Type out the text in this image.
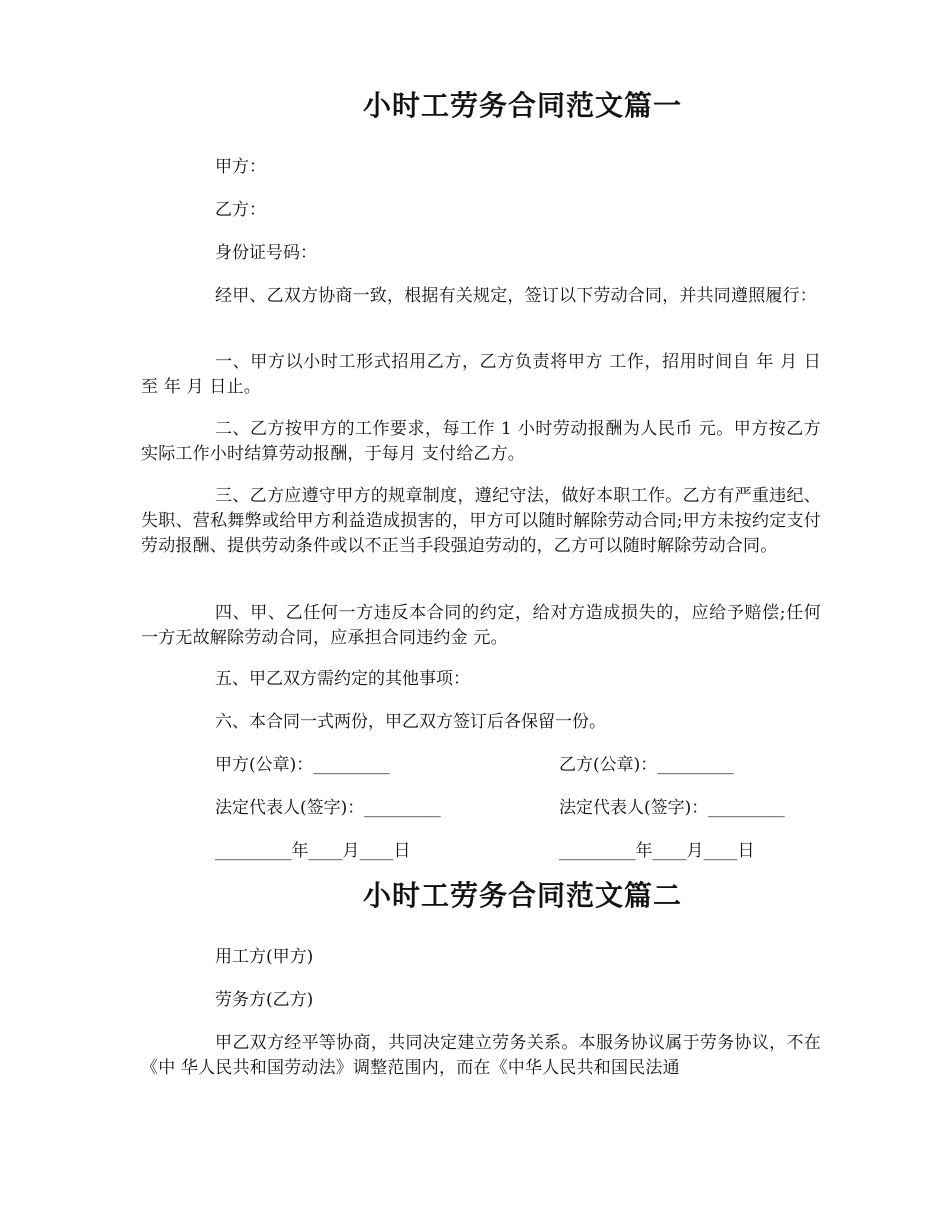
小时工劳务合同范文篇一
甲方：
乙方：
身份证号码：
经甲、乙双方协商一致，根据有关规定，签订以下劳动合同，并共同遵照履行：
一、甲方以小时工形式招用乙方，乙方负责将甲方 工作，招用时间自 年 月 日至 年 月 日止。
二、乙方按甲方的工作要求，每工作 1 小时劳动报酬为人民币 元。甲方按乙方实际工作小时结算劳动报酬，于每月 支付给乙方。
三、乙方应遵守甲方的规章制度，遵纪守法，做好本职工作。乙方有严重违纪、失职、营私舞弊或给甲方利益造成损害的，甲方可以随时解除劳动合同;甲方未按约定支付劳动报酬、提供劳动条件或以不正当手段强迫劳动的，乙方可以随时解除劳动合同。
四、甲、乙任何一方违反本合同的约定，给对方造成损失的，应给予赔偿;任何一方无故解除劳动合同，应承担合同违约金 元。
五、甲乙双方需约定的其他事项：
六、本合同一式两份，甲乙双方签订后各保留一份。
甲方(公章)：_________	乙方(公章)：_________
法定代表人(签字)：_________	法定代表人(签字)：_________
_________年____月____日	_________年____月____日
小时工劳务合同范文篇二
用工方(甲方)
劳务方(乙方)
甲乙双方经平等协商，共同决定建立劳务关系。本服务协议属于劳务协议，不在《中 华人民共和国劳动法》调整范围内，而在《中华人民共和国民法通
